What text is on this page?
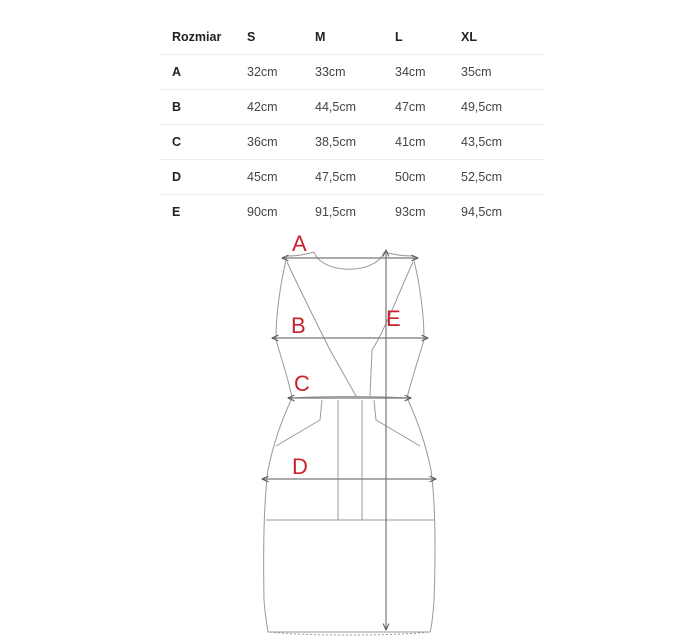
Rozmiar	S	M	L	XL
A	32cm	33cm	34cm	35cm
B	42cm	44,5cm	47cm	49,5cm
C	36cm	38,5cm	41cm	43,5cm
D	45cm	47,5cm	50cm	52,5cm
E	90cm	91,5cm	93cm	94,5cm
A
B
C
D
E
